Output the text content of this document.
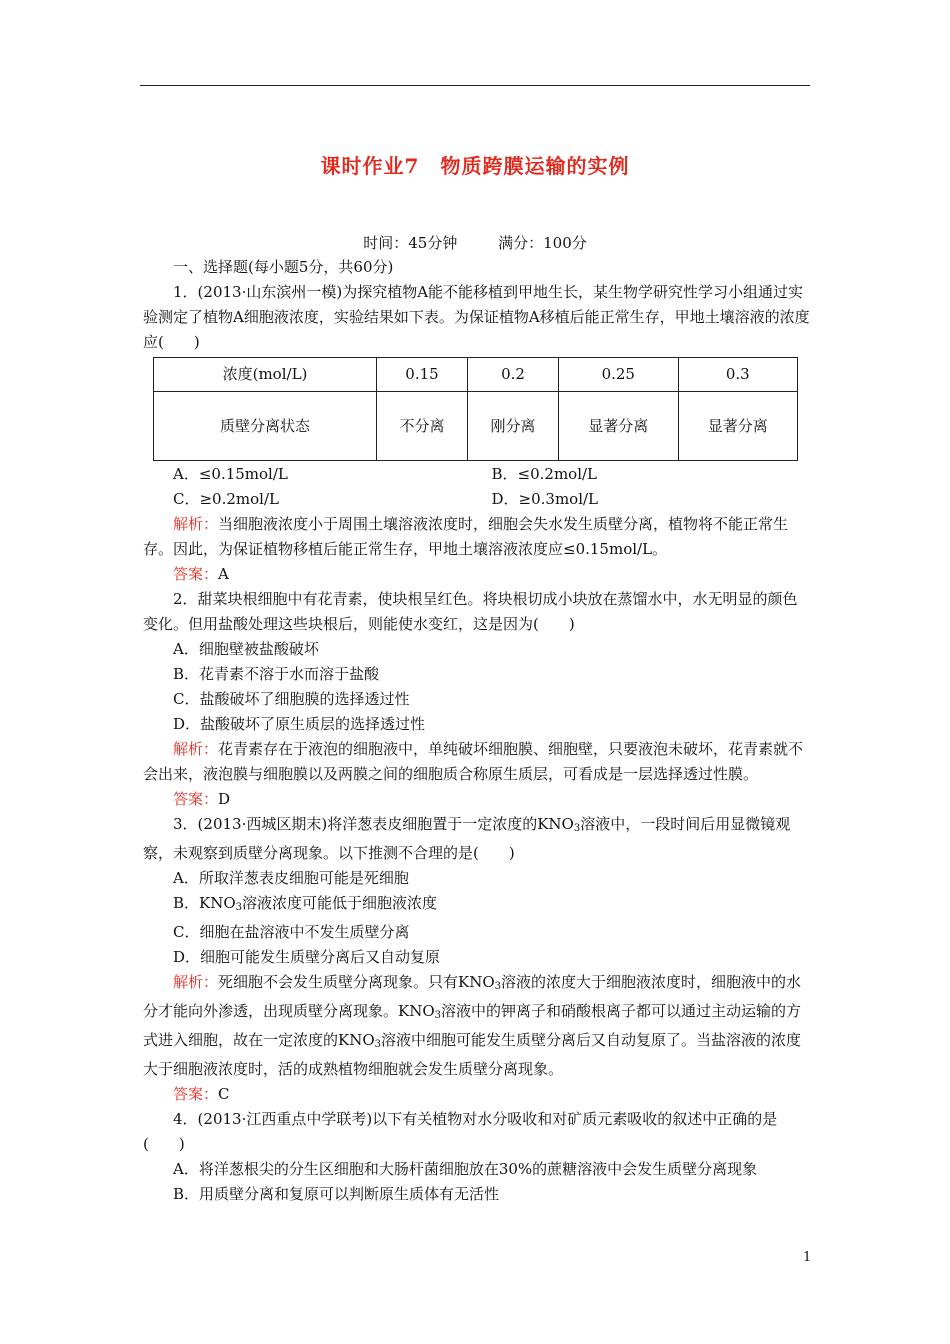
课时作业7　物质跨膜运输的实例
时间：45分钟	满分：100分

一、选择题(每小题5分，共60分)

1．(2013·山东滨州一模)为探究植物A能不能移植到甲地生长，某生物学研究性学习小组通过实验测定了植物A细胞液浓度，实验结果如下表。为保证植物A移植后能正常生存，甲地土壤溶液的浓度应(　　)

浓度(mol/L)	0.15	0.2	0.25	0.3
质壁分离状态	不分离	刚分离	显著分离	显著分离
A．≤0.15mol/L	B．≤0.2mol/L
C．≥0.2mol/L	D．≥0.3mol/L

解析：当细胞液浓度小于周围土壤溶液浓度时，细胞会失水发生质壁分离，植物将不能正常生存。因此，为保证植物移植后能正常生存，甲地土壤溶液浓度应≤0.15mol/L。

答案：A

2．甜菜块根细胞中有花青素，使块根呈红色。将块根切成小块放在蒸馏水中，水无明显的颜色变化。但用盐酸处理这些块根后，则能使水变红，这是因为(　　)

A．细胞壁被盐酸破坏

B．花青素不溶于水而溶于盐酸

C．盐酸破坏了细胞膜的选择透过性

D．盐酸破坏了原生质层的选择透过性

解析：花青素存在于液泡的细胞液中，单纯破坏细胞膜、细胞壁，只要液泡未破坏，花青素就不会出来，液泡膜与细胞膜以及两膜之间的细胞质合称原生质层，可看成是一层选择透过性膜。

答案：D

3．(2013·西城区期末)将洋葱表皮细胞置于一定浓度的$KNO_3$溶液中，一段时间后用显微镜观察，未观察到质壁分离现象。以下推测不合理的是(　　)

A．所取洋葱表皮细胞可能是死细胞

B．$KNO_3$溶液浓度可能低于细胞液浓度

C．细胞在盐溶液中不发生质壁分离

D．细胞可能发生质壁分离后又自动复原

解析：死细胞不会发生质壁分离现象。只有$KNO_3$溶液的浓度大于细胞液浓度时，细胞液中的水分才能向外渗透，出现质壁分离现象。$KNO_3$溶液中的钾离子和硝酸根离子都可以通过主动运输的方式进入细胞，故在一定浓度的$KNO_3$溶液中细胞可能发生质壁分离后又自动复原了。当盐溶液的浓度大于细胞液浓度时，活的成熟植物细胞就会发生质壁分离现象。

答案：C

4．(2013·江西重点中学联考)以下有关植物对水分吸收和对矿质元素吸收的叙述中正确的是(　　)

A．将洋葱根尖的分生区细胞和大肠杆菌细胞放在30%的蔗糖溶液中会发生质壁分离现象

B．用质壁分离和复原可以判断原生质体有无活性

1
